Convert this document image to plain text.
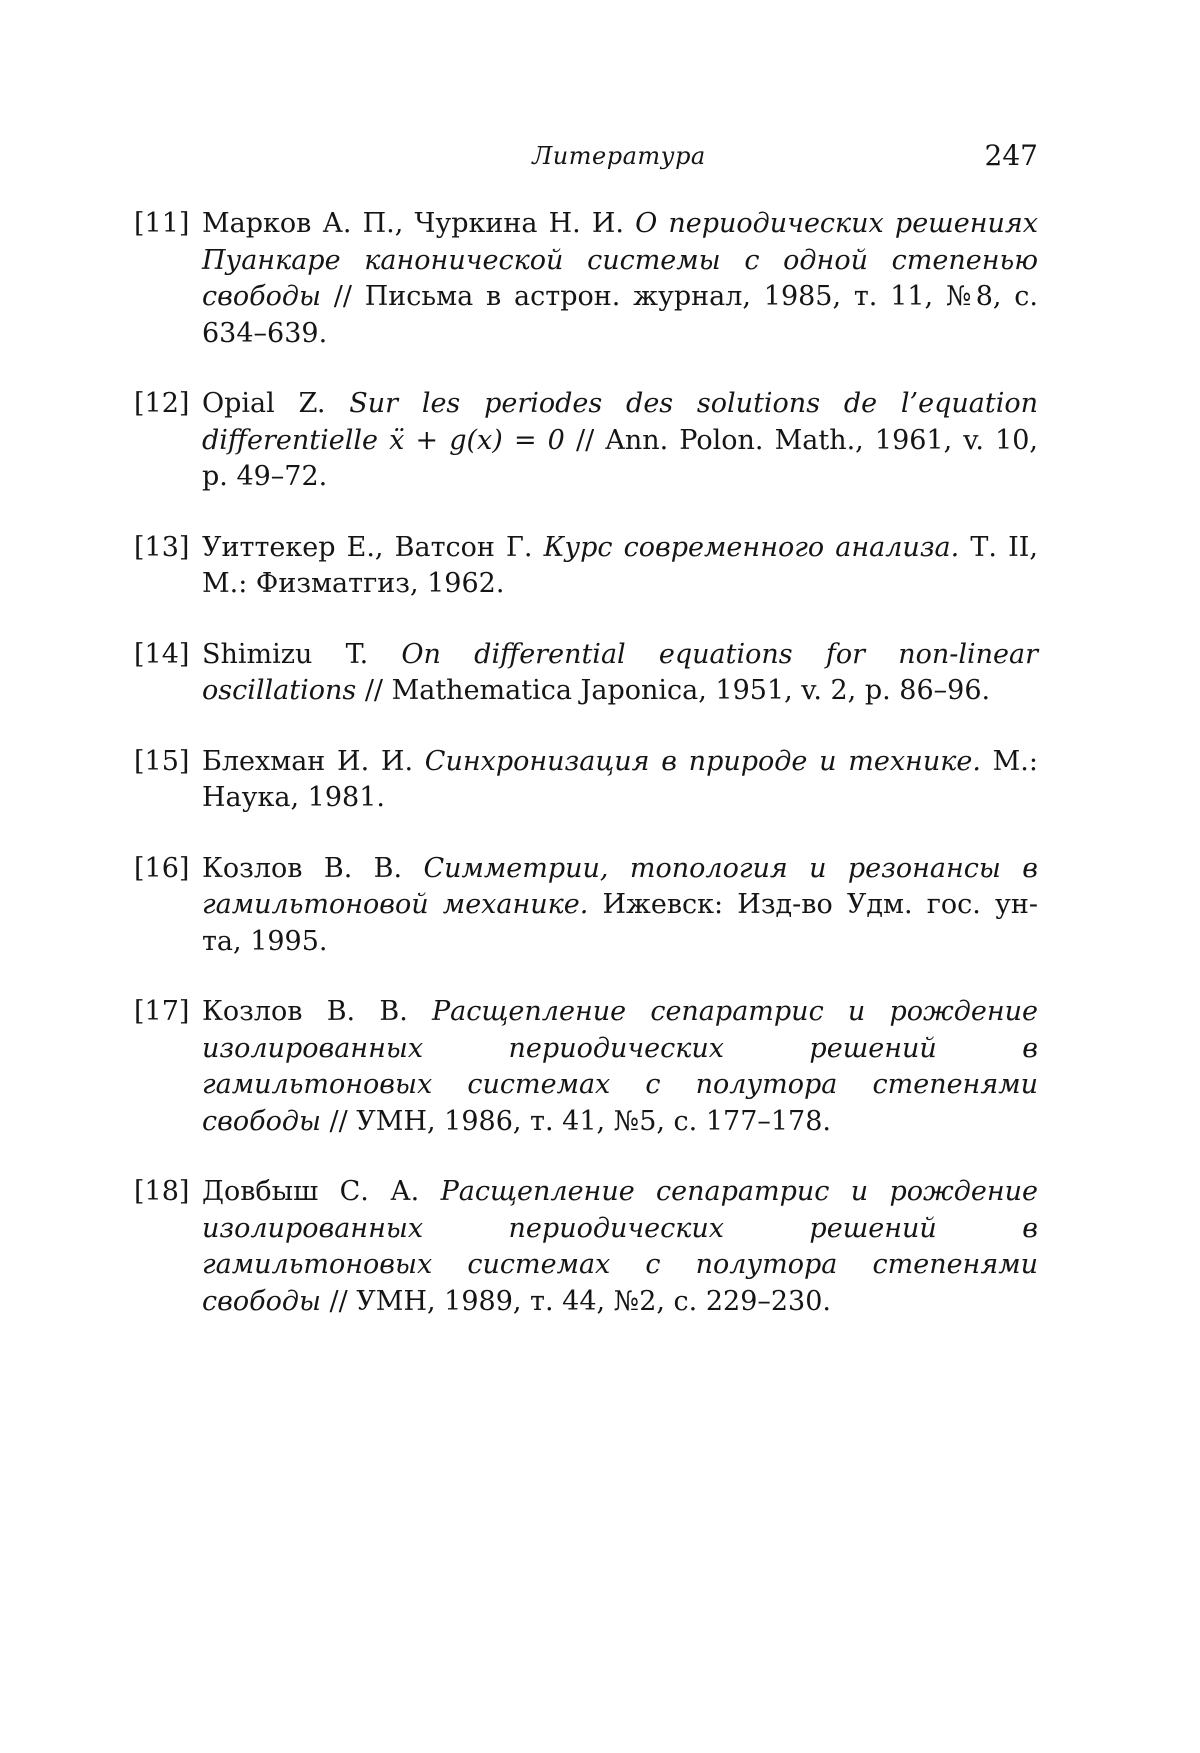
Литература	247
[11] Марков А. П., Чуркина Н. И. О периодических решениях Пуанкаре канонической системы с одной степенью свободы // Письма в астрон. журнал, 1985, т. 11, №8, с. 634–639.
[12] Opial Z. Sur les periodes des solutions de l’equation differentielle ẍ + g(x) = 0 // Ann. Polon. Math., 1961, v. 10, p. 49–72.
[13] Уиттекер Е., Ватсон Г. Курс современного анализа. Т. II, М.: Физматгиз, 1962.
[14] Shimizu T. On differential equations for non-linear oscillations // Mathematica Japonica, 1951, v. 2, p. 86–96.
[15] Блехман И. И. Синхронизация в природе и технике. М.: Наука, 1981.
[16] Козлов В. В. Симметрии, топология и резонансы в гамильтоновой механике. Ижевск: Изд-во Удм. гос. ун-та, 1995.
[17] Козлов В. В. Расщепление сепаратрис и рождение изолированных периодических решений в гамильтоновых системах с полутора степенями свободы // УМН, 1986, т. 41, №5, с. 177–178.
[18] Довбыш С. А. Расщепление сепаратрис и рождение изолированных периодических решений в гамильтоновых системах с полутора степенями свободы // УМН, 1989, т. 44, №2, с. 229–230.
